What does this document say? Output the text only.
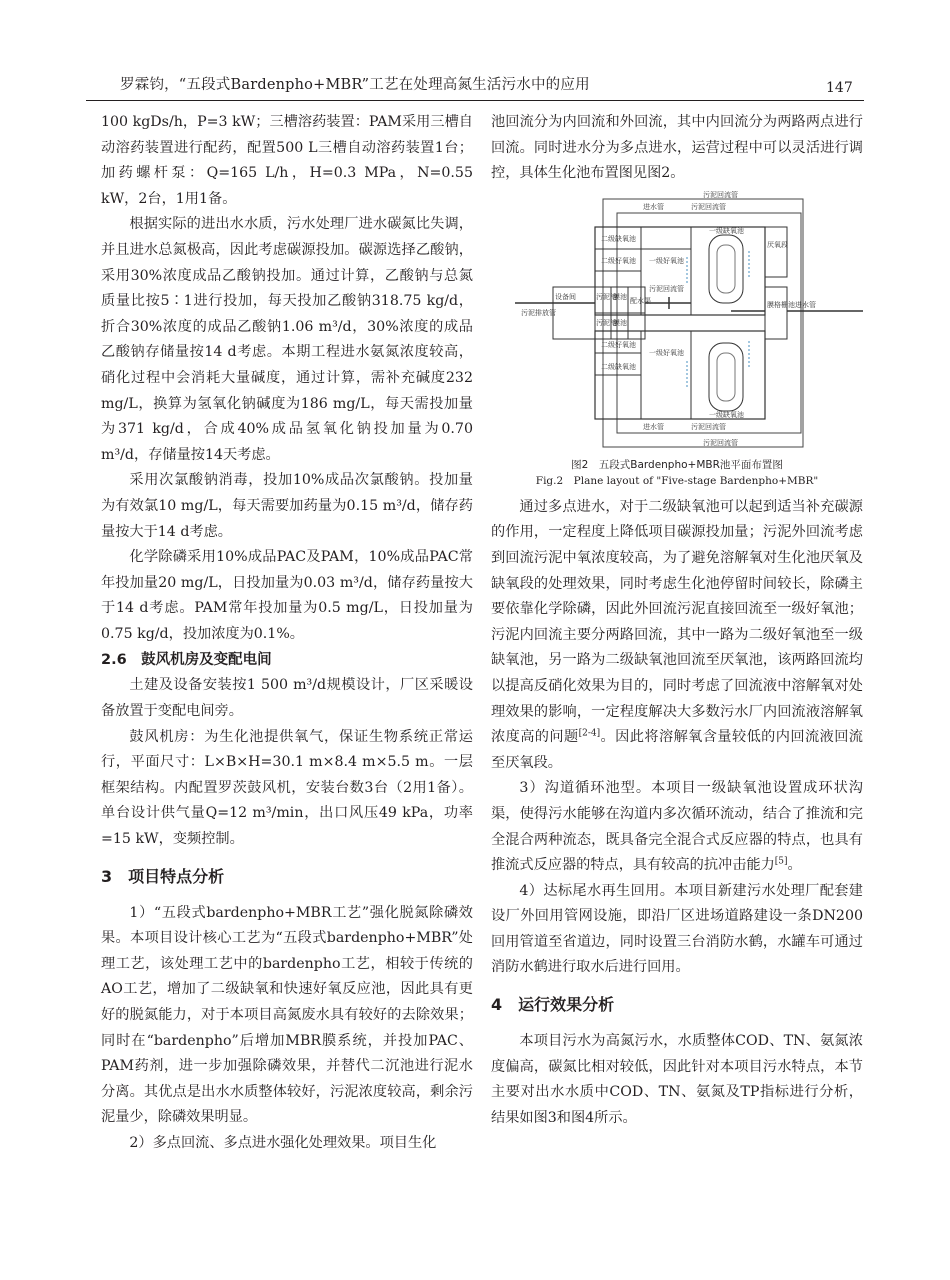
罗霖钧，“五段式Bardenpho+MBR”工艺在处理高氮生活污水中的应用	147

100 kgDs/h，P=3 kW；三槽溶药装置：PAM采用三槽自动溶药装置进行配药，配置500 L三槽自动溶药装置1台；加药螺杆泵：Q=165 L/h，H=0.3 MPa，N=0.55 kW，2台，1用1备。

根据实际的进出水水质，污水处理厂进水碳氮比失调，并且进水总氮极高，因此考虑碳源投加。碳源选择乙酸钠，采用30%浓度成品乙酸钠投加。通过计算，乙酸钠与总氮质量比按5∶1进行投加，每天投加乙酸钠318.75 kg/d，折合30%浓度的成品乙酸钠1.06 m³/d，30%浓度的成品乙酸钠存储量按14 d考虑。本期工程进水氨氮浓度较高，硝化过程中会消耗大量碱度，通过计算，需补充碱度232 mg/L，换算为氢氧化钠碱度为186 mg/L，每天需投加量为371 kg/d，合成40%成品氢氧化钠投加量为0.70 m³/d，存储量按14天考虑。

采用次氯酸钠消毒，投加10%成品次氯酸钠。投加量为有效氯10 mg/L，每天需要加药量为0.15 m³/d，储存药量按大于14 d考虑。

化学除磷采用10%成品PAC及PAM，10%成品PAC常年投加量20 mg/L，日投加量为0.03 m³/d，储存药量按大于14 d考虑。PAM常年投加量为0.5 mg/L，日投加量为0.75 kg/d，投加浓度为0.1%。

2.6　鼓风机房及变配电间

土建及设备安装按1 500 m³/d规模设计，厂区采暖设备放置于变配电间旁。

鼓风机房：为生化池提供氧气，保证生物系统正常运行，平面尺寸：L×B×H=30.1 m×8.4 m×5.5 m。一层框架结构。内配置罗茨鼓风机，安装台数3台（2用1备）。单台设计供气量Q=12 m³/min，出口风压49 kPa，功率=15 kW，变频控制。

3　项目特点分析

1）“五段式bardenpho+MBR工艺”强化脱氮除磷效果。本项目设计核心工艺为“五段式bardenpho+MBR”处理工艺，该处理工艺中的bardenpho工艺，相较于传统的AO工艺，增加了二级缺氧和快速好氧反应池，因此具有更好的脱氮能力，对于本项目高氮废水具有较好的去除效果；同时在“bardenpho”后增加MBR膜系统，并投加PAC、PAM药剂，进一步加强除磷效果，并替代二沉池进行泥水分离。其优点是出水水质整体较好，污泥浓度较高，剩余污泥量少，除磷效果明显。

2）多点回流、多点进水强化处理效果。项目生化

池回流分为内回流和外回流，其中内回流分为两路两点进行回流。同时进水分为多点进水，运营过程中可以灵活进行调控，具体生化池布置图见图2。

污泥回流管
进水管	污泥回流管
二级缺氧池
一级缺氧池
厌氧段
二级好氧池 一级好氧池
设备间	污泥池
膜池 配水渠
污泥回流管
膜格栅池 进水管
污泥排放管
污泥池
膜池
二级好氧池
一级好氧池
二级缺氧池
一级缺氧池
进水管	污泥回流管
污泥回流管

图2　五段式Bardenpho+MBR池平面布置图

Fig.2　Plane layout of "Five-stage Bardenpho+MBR"

通过多点进水，对于二级缺氧池可以起到适当补充碳源的作用，一定程度上降低项目碳源投加量；污泥外回流考虑到回流污泥中氧浓度较高，为了避免溶解氧对生化池厌氧及缺氧段的处理效果，同时考虑生化池停留时间较长，除磷主要依靠化学除磷，因此外回流污泥直接回流至一级好氧池；污泥内回流主要分两路回流，其中一路为二级好氧池至一级缺氧池，另一路为二级缺氧池回流至厌氧池，该两路回流均以提高反硝化效果为目的，同时考虑了回流液中溶解氧对处理效果的影响，一定程度解决大多数污水厂内回流液溶解氧浓度高的问题[2-4]。因此将溶解氧含量较低的内回流液回流至厌氧段。

3）沟道循环池型。本项目一级缺氧池设置成环状沟渠，使得污水能够在沟道内多次循环流动，结合了推流和完全混合两种流态，既具备完全混合式反应器的特点，也具有推流式反应器的特点，具有较高的抗冲击能力[5]。

4）达标尾水再生回用。本项目新建污水处理厂配套建设厂外回用管网设施，即沿厂区进场道路建设一条DN200回用管道至省道边，同时设置三台消防水鹤，水罐车可通过消防水鹤进行取水后进行回用。

4　运行效果分析

本项目污水为高氮污水，水质整体COD、TN、氨氮浓度偏高，碳氮比相对较低，因此针对本项目污水特点，本节主要对出水水质中COD、TN、氨氮及TP指标进行分析，结果如图3和图4所示。
